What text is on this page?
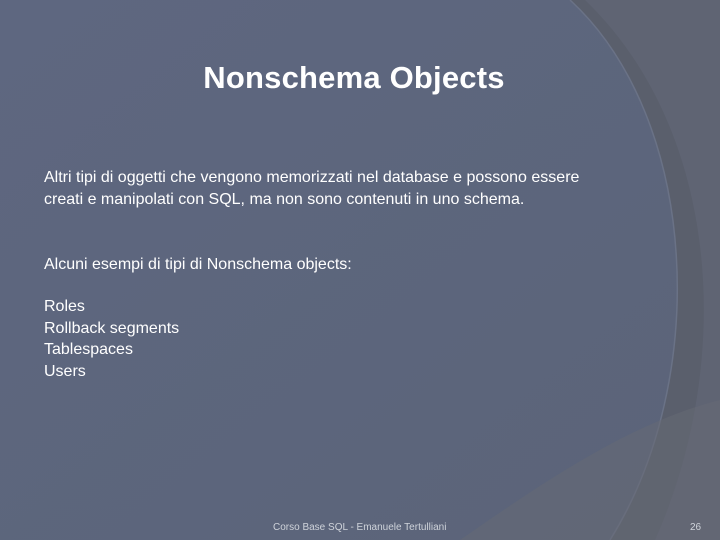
Nonschema Objects
Altri tipi di oggetti che vengono memorizzati nel database e possono essere
creati e manipolati con SQL, ma non sono contenuti in uno schema.
Alcuni esempi di tipi di Nonschema objects:
Roles
Rollback segments
Tablespaces
Users
Corso Base SQL - Emanuele Tertulliani	26
